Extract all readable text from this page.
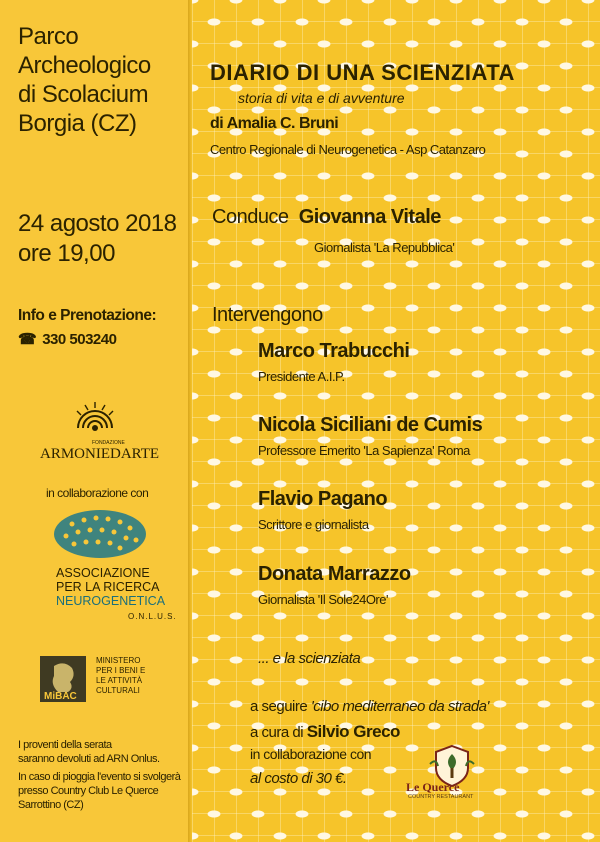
Parco
Archeologico
di Scolacium
Borgia (CZ)
24 agosto 2018
ore 19,00
Info e Prenotazione:
☎ 330 503240
FONDAZIONE
ARMONIEDARTE
in collaborazione con
ASSOCIAZIONE
PER LA RICERCA
NEUROGENETICA
O.N.L.U.S.
MiBAC
MINISTERO
PER I BENI E
LE ATTIVITÀ
CULTURALI
I proventi della serata
saranno devoluti ad ARN Onlus.
In caso di pioggia l'evento si svolgerà
presso Country Club Le Querce
Sarrottino (CZ)
DIARIO DI UNA SCIENZIATA
storia di vita e di avventure
di Amalia C. Bruni
Centro Regionale di Neurogenetica - Asp Catanzaro
Conduce Giovanna Vitale
Giornalista 'La Repubblica'
Intervengono
Marco Trabucchi
Presidente A.I.P.
Nicola Siciliani de Cumis
Professore Emerito 'La Sapienza' Roma
Flavio Pagano
Scrittore e giornalista
Donata Marrazzo
Giornalista 'Il Sole24Ore'
... e la scienziata
a seguire 'cibo mediterraneo da strada'
a cura di Silvio Greco
in collaborazione con
al costo di 30 €.	Le Querce
COUNTRY RESTAURANT
